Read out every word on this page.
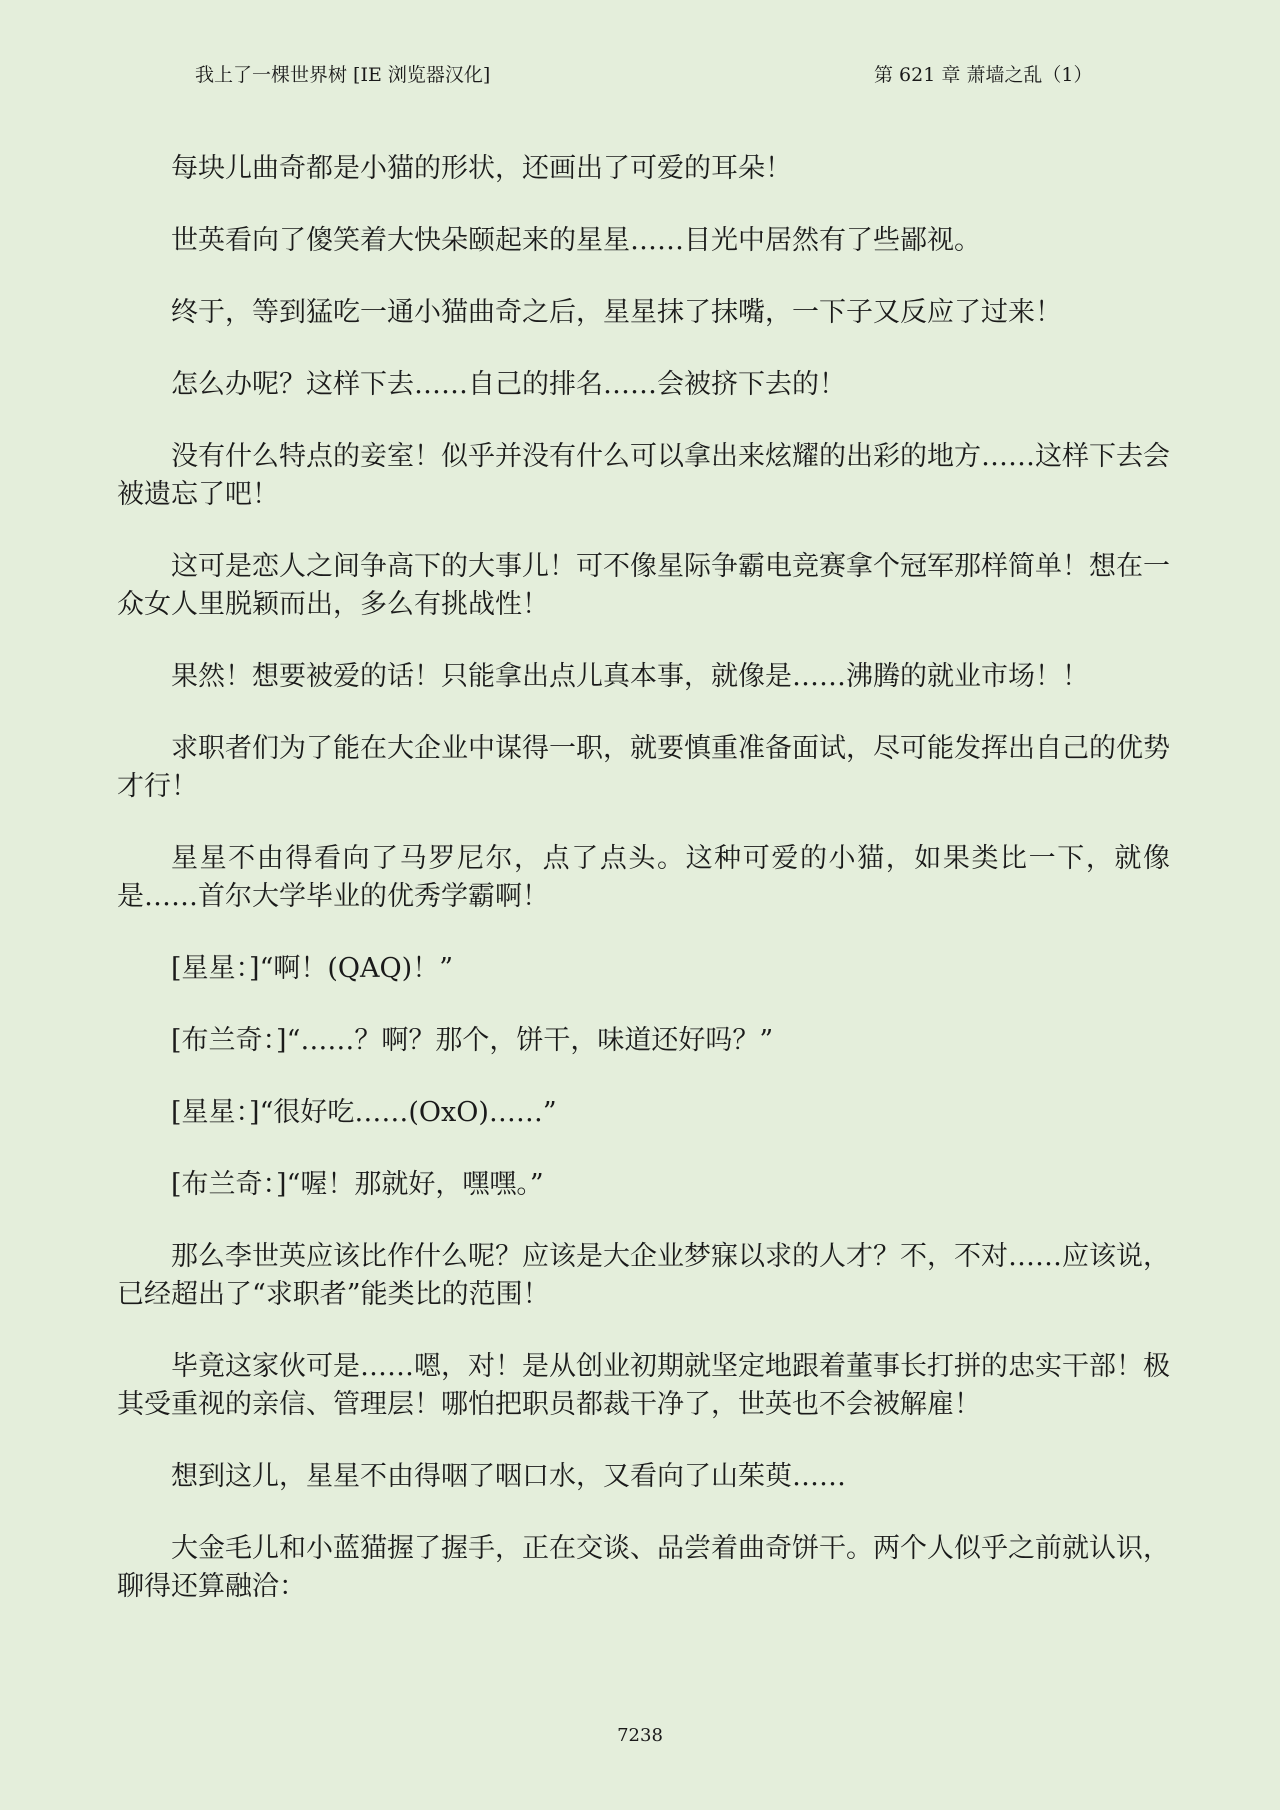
我上了一棵世界树 [IE 浏览器汉化]	第 621 章 萧墙之乱（1）

每块儿曲奇都是小猫的形状，还画出了可爱的耳朵！

世英看向了傻笑着大快朵颐起来的星星……目光中居然有了些鄙视。

终于，等到猛吃一通小猫曲奇之后，星星抹了抹嘴，一下子又反应了过来！

怎么办呢？这样下去……自己的排名……会被挤下去的！

没有什么特点的妾室！似乎并没有什么可以拿出来炫耀的出彩的地方……这样下去会被遗忘了吧！

这可是恋人之间争高下的大事儿！可不像星际争霸电竞赛拿个冠军那样简单！想在一众女人里脱颖而出，多么有挑战性！

果然！想要被爱的话！只能拿出点儿真本事，就像是……沸腾的就业市场！！

求职者们为了能在大企业中谋得一职，就要慎重准备面试，尽可能发挥出自己的优势才行！

星星不由得看向了马罗尼尔，点了点头。这种可爱的小猫，如果类比一下，就像是……首尔大学毕业的优秀学霸啊！

[星星：]“啊！(QAQ)！”

[布兰奇：]“……？啊？那个，饼干，味道还好吗？”

[星星：]“很好吃……(OxO)……”

[布兰奇：]“喔！那就好，嘿嘿。”

那么李世英应该比作什么呢？应该是大企业梦寐以求的人才？不，不对……应该说，已经超出了“求职者”能类比的范围！

毕竟这家伙可是……嗯，对！是从创业初期就坚定地跟着董事长打拼的忠实干部！极其受重视的亲信、管理层！哪怕把职员都裁干净了，世英也不会被解雇！

想到这儿，星星不由得咽了咽口水，又看向了山茱萸……

大金毛儿和小蓝猫握了握手，正在交谈、品尝着曲奇饼干。两个人似乎之前就认识，聊得还算融洽：

7238
